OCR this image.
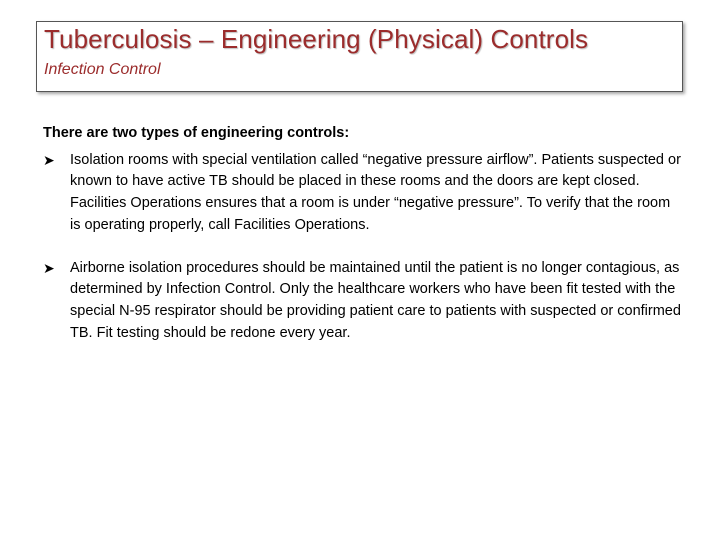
Tuberculosis – Engineering (Physical) Controls
Infection Control

There are two types of engineering controls:

➤ Isolation rooms with special ventilation called “negative pressure airflow”. Patients suspected or known to have active TB should be placed in these rooms and the doors are kept closed. Facilities Operations ensures that a room is under “negative pressure”. To verify that the room is operating properly, call Facilities Operations.
➤ Airborne isolation procedures should be maintained until the patient is no longer contagious, as determined by Infection Control. Only the healthcare workers who have been fit tested with the special N-95 respirator should be providing patient care to patients with suspected or confirmed TB. Fit testing should be redone every year.
